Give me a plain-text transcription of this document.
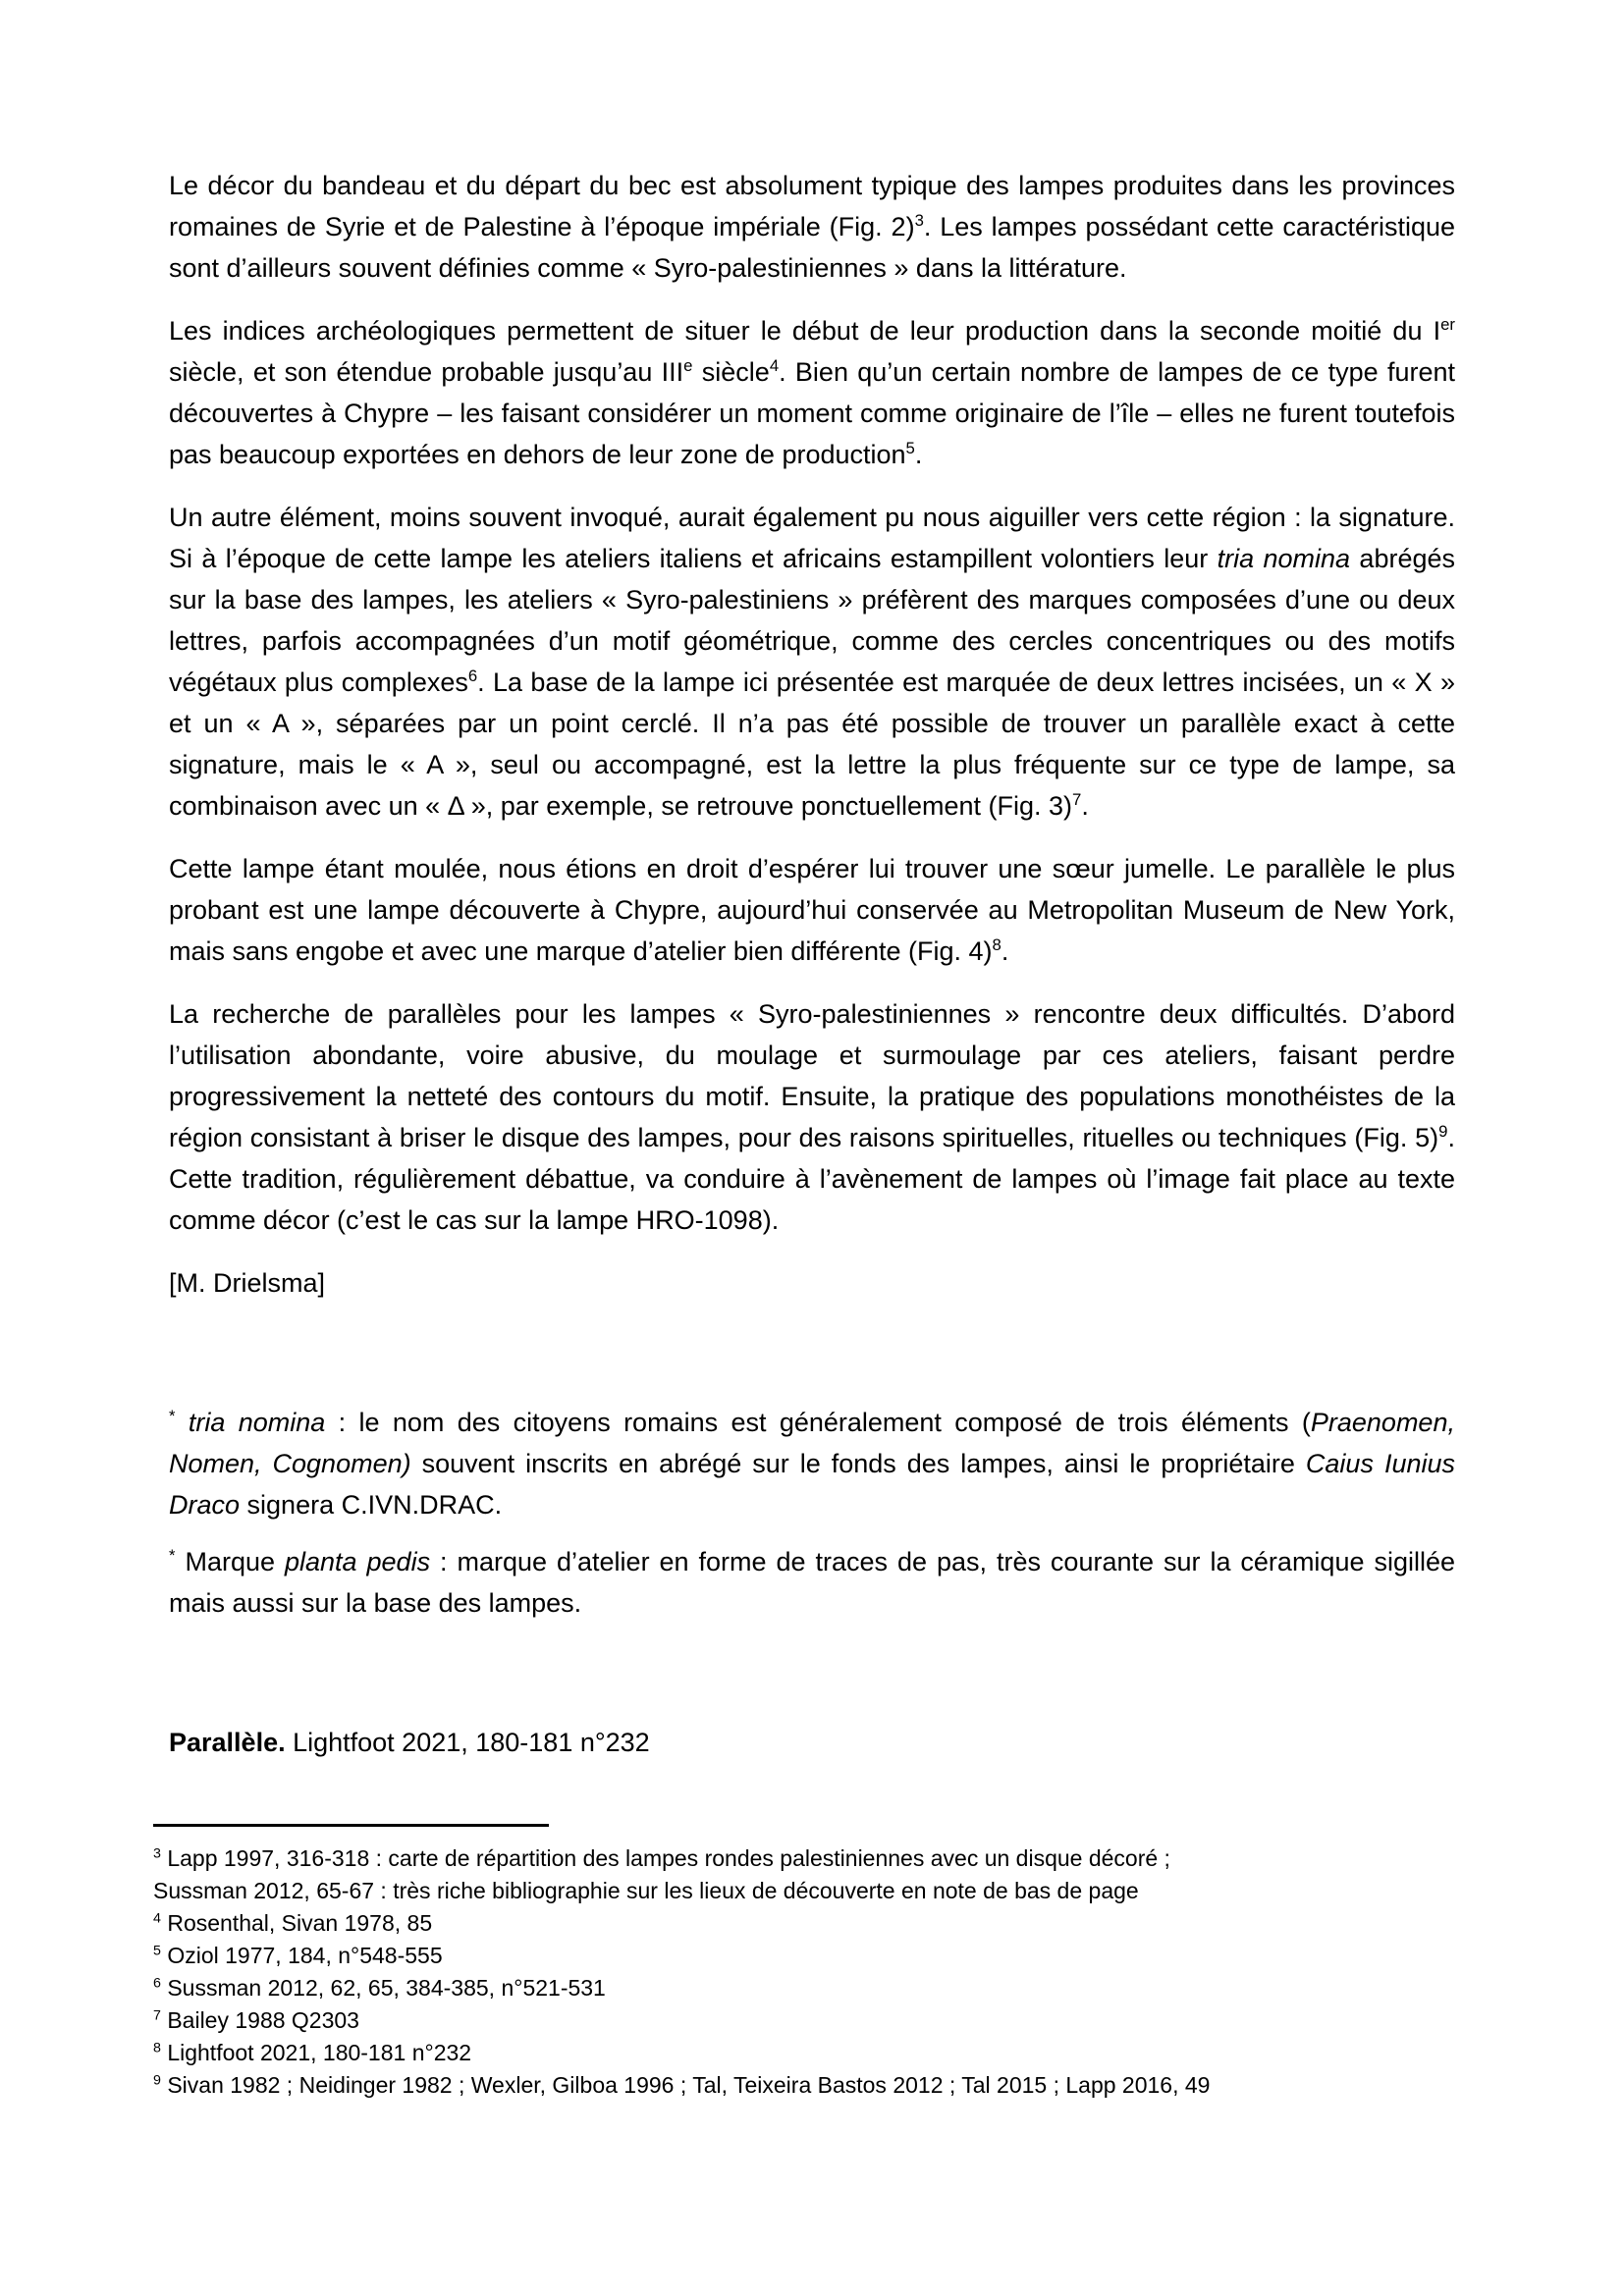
Le décor du bandeau et du départ du bec est absolument typique des lampes produites dans les provinces romaines de Syrie et de Palestine à l’époque impériale (Fig. 2)$^3$. Les lampes possédant cette caractéristique sont d’ailleurs souvent définies comme « Syro-palestiniennes » dans la littérature.

Les indices archéologiques permettent de situer le début de leur production dans la seconde moitié du Ier siècle, et son étendue probable jusqu’au IIIe siècle$^4$. Bien qu’un certain nombre de lampes de ce type furent découvertes à Chypre – les faisant considérer un moment comme originaire de l’île – elles ne furent toutefois pas beaucoup exportées en dehors de leur zone de production$^5$.

Un autre élément, moins souvent invoqué, aurait également pu nous aiguiller vers cette région : la signature. Si à l’époque de cette lampe les ateliers italiens et africains estampillent volontiers leur tria nomina abrégés sur la base des lampes, les ateliers « Syro-palestiniens » préfèrent des marques composées d’une ou deux lettres, parfois accompagnées d’un motif géométrique, comme des cercles concentriques ou des motifs végétaux plus complexes$^6$. La base de la lampe ici présentée est marquée de deux lettres incisées, un « X » et un « A », séparées par un point cerclé. Il n’a pas été possible de trouver un parallèle exact à cette signature, mais le « A », seul ou accompagné, est la lettre la plus fréquente sur ce type de lampe, sa combinaison avec un « Δ », par exemple, se retrouve ponctuellement (Fig. 3)$^7$.

Cette lampe étant moulée, nous étions en droit d’espérer lui trouver une sœur jumelle. Le parallèle le plus probant est une lampe découverte à Chypre, aujourd’hui conservée au Metropolitan Museum de New York, mais sans engobe et avec une marque d’atelier bien différente (Fig. 4)$^8$.

La recherche de parallèles pour les lampes « Syro-palestiniennes » rencontre deux difficultés. D’abord l’utilisation abondante, voire abusive, du moulage et surmoulage par ces ateliers, faisant perdre progressivement la netteté des contours du motif. Ensuite, la pratique des populations monothéistes de la région consistant à briser le disque des lampes, pour des raisons spirituelles, rituelles ou techniques (Fig. 5)$^9$. Cette tradition, régulièrement débattue, va conduire à l’avènement de lampes où l’image fait place au texte comme décor (c’est le cas sur la lampe HRO-1098).

[M. Drielsma]

* tria nomina : le nom des citoyens romains est généralement composé de trois éléments (Praenomen, Nomen, Cognomen) souvent inscrits en abrégé sur le fonds des lampes, ainsi le propriétaire Caius Iunius Draco signera C.IVN.DRAC.

* Marque planta pedis : marque d’atelier en forme de traces de pas, très courante sur la céramique sigillée mais aussi sur la base des lampes.

Parallèle. Lightfoot 2021, 180-181 n°232

$^3$ Lapp 1997, 316-318 : carte de répartition des lampes rondes palestiniennes avec un disque décoré ;
Sussman 2012, 65-67 : très riche bibliographie sur les lieux de découverte en note de bas de page
$^4$ Rosenthal, Sivan 1978, 85
$^5$ Oziol 1977, 184, n°548-555
$^6$ Sussman 2012, 62, 65, 384-385, n°521-531
$^7$ Bailey 1988 Q2303
$^8$ Lightfoot 2021, 180-181 n°232
$^9$ Sivan 1982 ; Neidinger 1982 ; Wexler, Gilboa 1996 ; Tal, Teixeira Bastos 2012 ; Tal 2015 ; Lapp 2016, 49
